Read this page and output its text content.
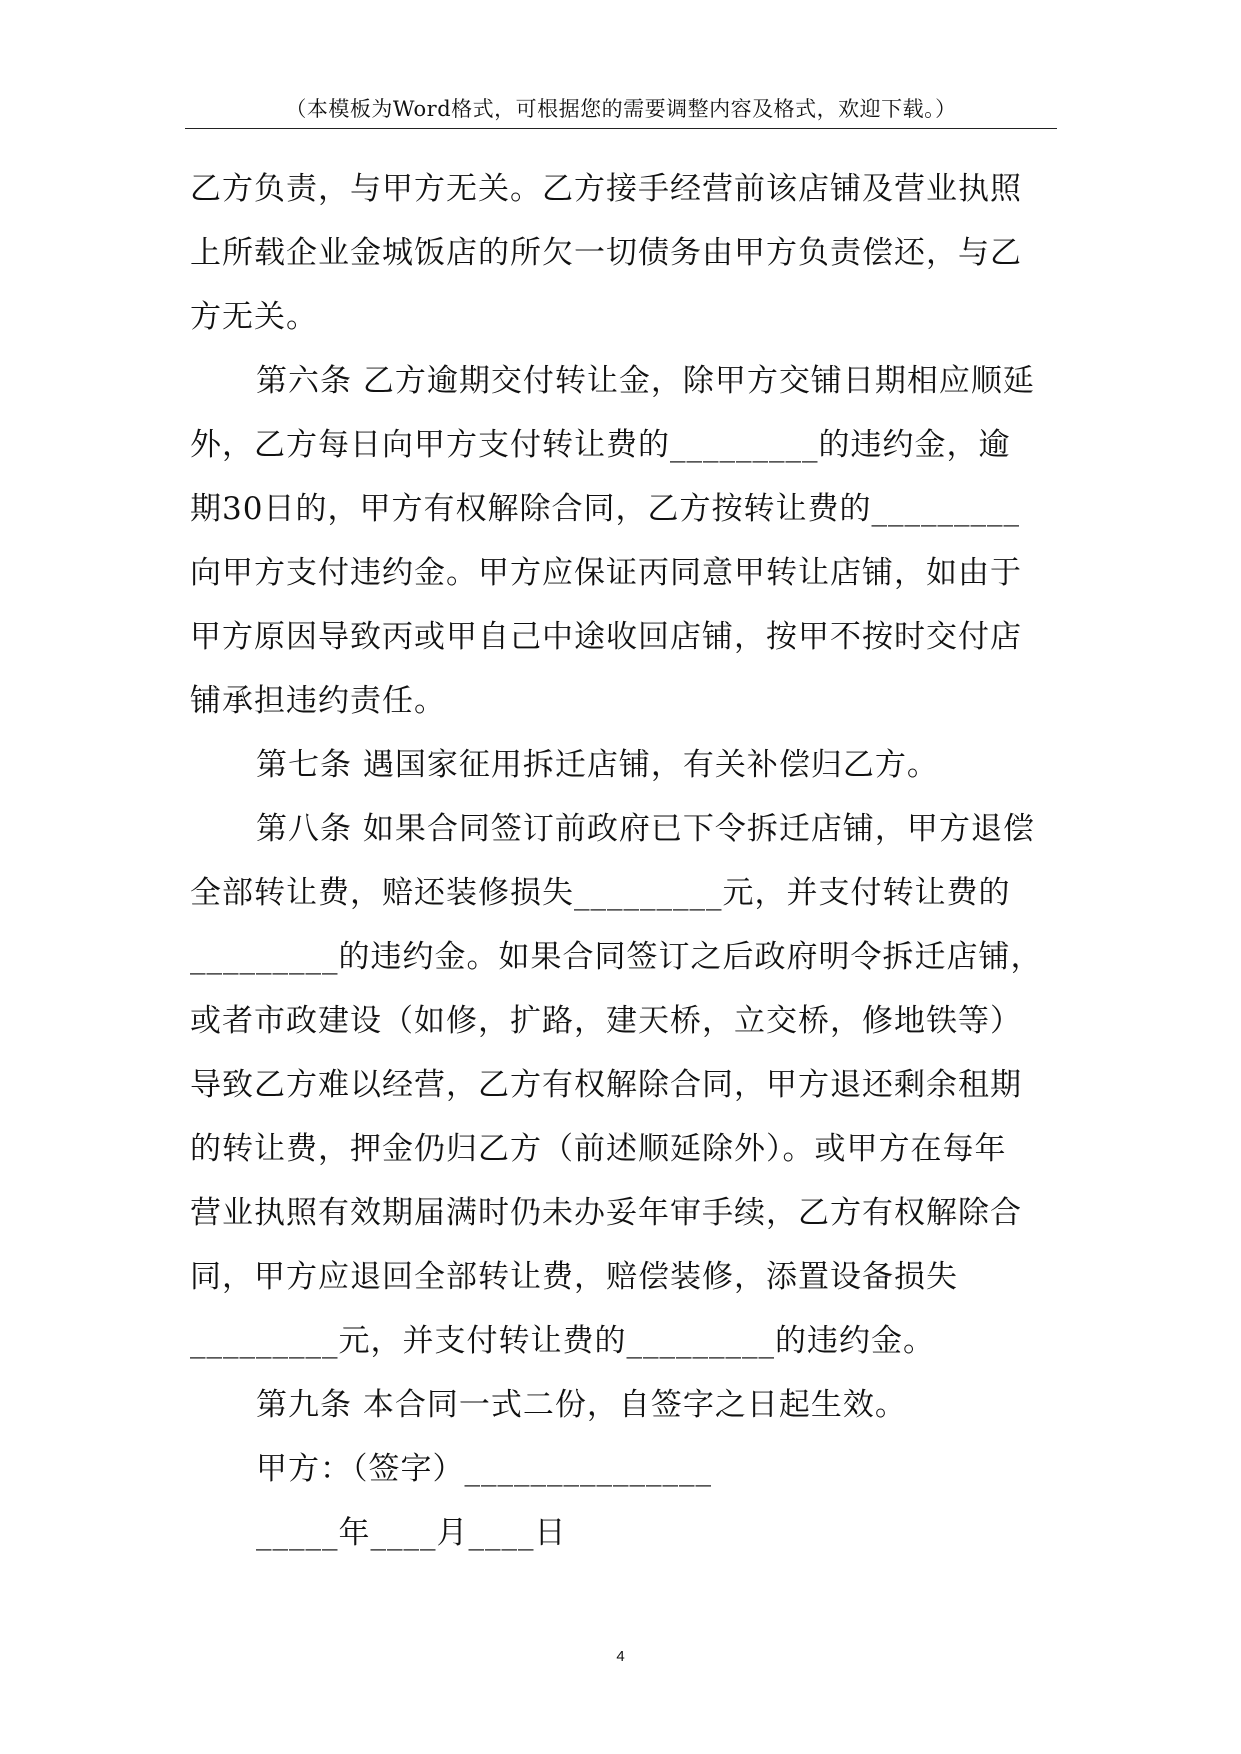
（本模板为Word格式，可根据您的需要调整内容及格式，欢迎下载。）
乙方负责，与甲方无关。乙方接手经营前该店铺及营业执照
上所载企业金城饭店的所欠一切债务由甲方负责偿还，与乙
方无关。
第六条 乙方逾期交付转让金，除甲方交铺日期相应顺延
外，乙方每日向甲方支付转让费的_________的违约金，逾
期30日的，甲方有权解除合同，乙方按转让费的_________
向甲方支付违约金。甲方应保证丙同意甲转让店铺，如由于
甲方原因导致丙或甲自己中途收回店铺，按甲不按时交付店
铺承担违约责任。
第七条 遇国家征用拆迁店铺，有关补偿归乙方。
第八条 如果合同签订前政府已下令拆迁店铺，甲方退偿
全部转让费，赔还装修损失_________元，并支付转让费的
_________的违约金。如果合同签订之后政府明令拆迁店铺，
或者市政建设（如修，扩路，建天桥，立交桥，修地铁等）
导致乙方难以经营，乙方有权解除合同，甲方退还剩余租期
的转让费，押金仍归乙方（前述顺延除外）。或甲方在每年
营业执照有效期届满时仍未办妥年审手续，乙方有权解除合
同，甲方应退回全部转让费，赔偿装修，添置设备损失
_________元，并支付转让费的_________的违约金。
第九条 本合同一式二份，自签字之日起生效。
甲方：（签字）_______________
_____年____月____日
4
